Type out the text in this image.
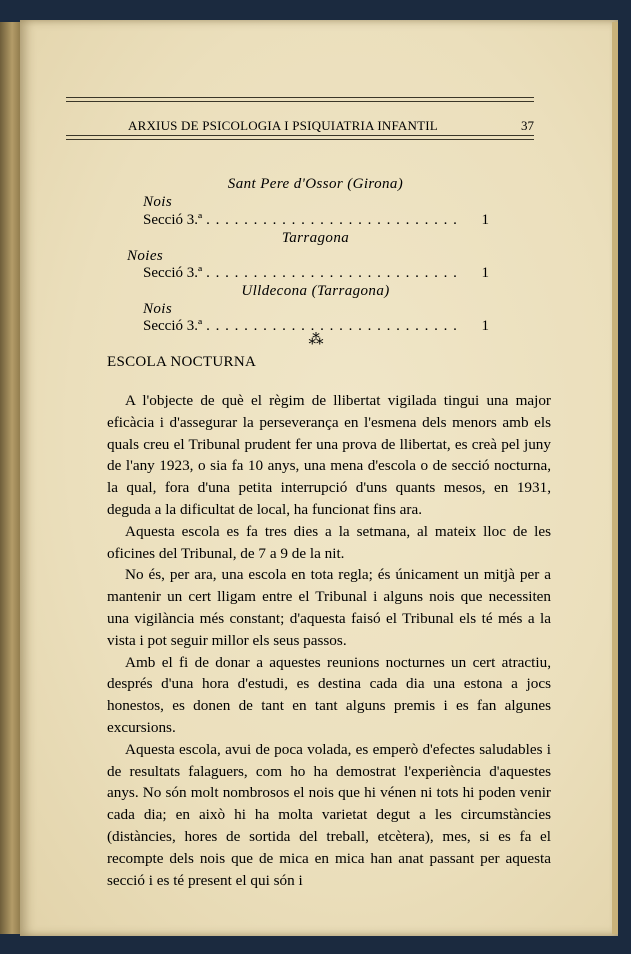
ARXIUS DE PSICOLOGIA I PSIQUIATRIA INFANTIL	37
Sant Pere d'Ossor (Girona)
Nois
Secció 3.ª . . .	1
Tarragona
Noies
Secció 3.ª . . .	1
Ulldecona (Tarragona)
Nois
Secció 3.ª . . .	1
⁂
ESCOLA NOCTURNA

A l'objecte de què el règim de llibertat vigilada tingui una major eficàcia i d'assegurar la perseverança en l'esmena dels menors amb els quals creu el Tribunal prudent fer una prova de llibertat, es creà pel juny de l'any 1923, o sia fa 10 anys, una mena d'escola o de secció nocturna, la qual, fora d'una petita interrupció d'uns quants mesos, en 1931, deguda a la dificultat de local, ha funcionat fins ara.

Aquesta escola es fa tres dies a la setmana, al mateix lloc de les oficines del Tribunal, de 7 a 9 de la nit.

No és, per ara, una escola en tota regla; és únicament un mitjà per a mantenir un cert lligam entre el Tribunal i alguns nois que necessiten una vigilància més constant; d'aquesta faisó el Tribunal els té més a la vista i pot seguir millor els seus passos.

Amb el fi de donar a aquestes reunions nocturnes un cert atractiu, després d'una hora d'estudi, es destina cada dia una estona a jocs honestos, es donen de tant en tant alguns premis i es fan algunes excursions.

Aquesta escola, avui de poca volada, es emperò d'efectes saludables i de resultats falaguers, com ho ha demostrat l'experiència d'aquestes anys. No són molt nombrosos el nois que hi vénen ni tots hi poden venir cada dia; en això hi ha molta varietat degut a les circumstàncies (distàncies, hores de sortida del treball, etcètera), mes, si es fa el recompte dels nois que de mica en mica han anat passant per aquesta secció i es té present el qui són i
